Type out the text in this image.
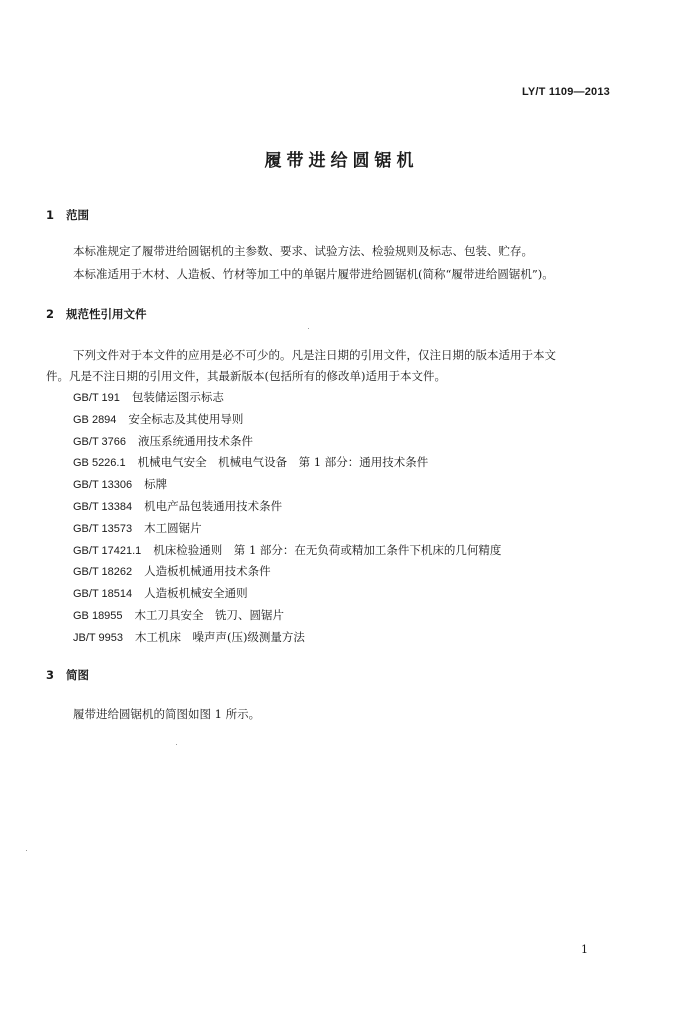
LY/T 1109—2013
履带进给圆锯机
1 范围
本标准规定了履带进给圆锯机的主参数、要求、试验方法、检验规则及标志、包装、贮存。
本标准适用于木材、人造板、竹材等加工中的单锯片履带进给圆锯机(简称“履带进给圆锯机”)。
2 规范性引用文件
下列文件对于本文件的应用是必不可少的。凡是注日期的引用文件，仅注日期的版本适用于本文
件。凡是不注日期的引用文件，其最新版本(包括所有的修改单)适用于本文件。
GB/T 191 包装储运图示标志
GB 2894 安全标志及其使用导则
GB/T 3766 液压系统通用技术条件
GB 5226.1 机械电气安全　机械电气设备　第 1 部分：通用技术条件
GB/T 13306 标牌
GB/T 13384 机电产品包装通用技术条件
GB/T 13573 木工圆锯片
GB/T 17421.1 机床检验通则　第 1 部分：在无负荷或精加工条件下机床的几何精度
GB/T 18262 人造板机械通用技术条件
GB/T 18514 人造板机械安全通则
GB 18955 木工刀具安全　铣刀、圆锯片
JB/T 9953 木工机床　噪声声(压)级测量方法
3 简图
履带进给圆锯机的简图如图 1 所示。
1
